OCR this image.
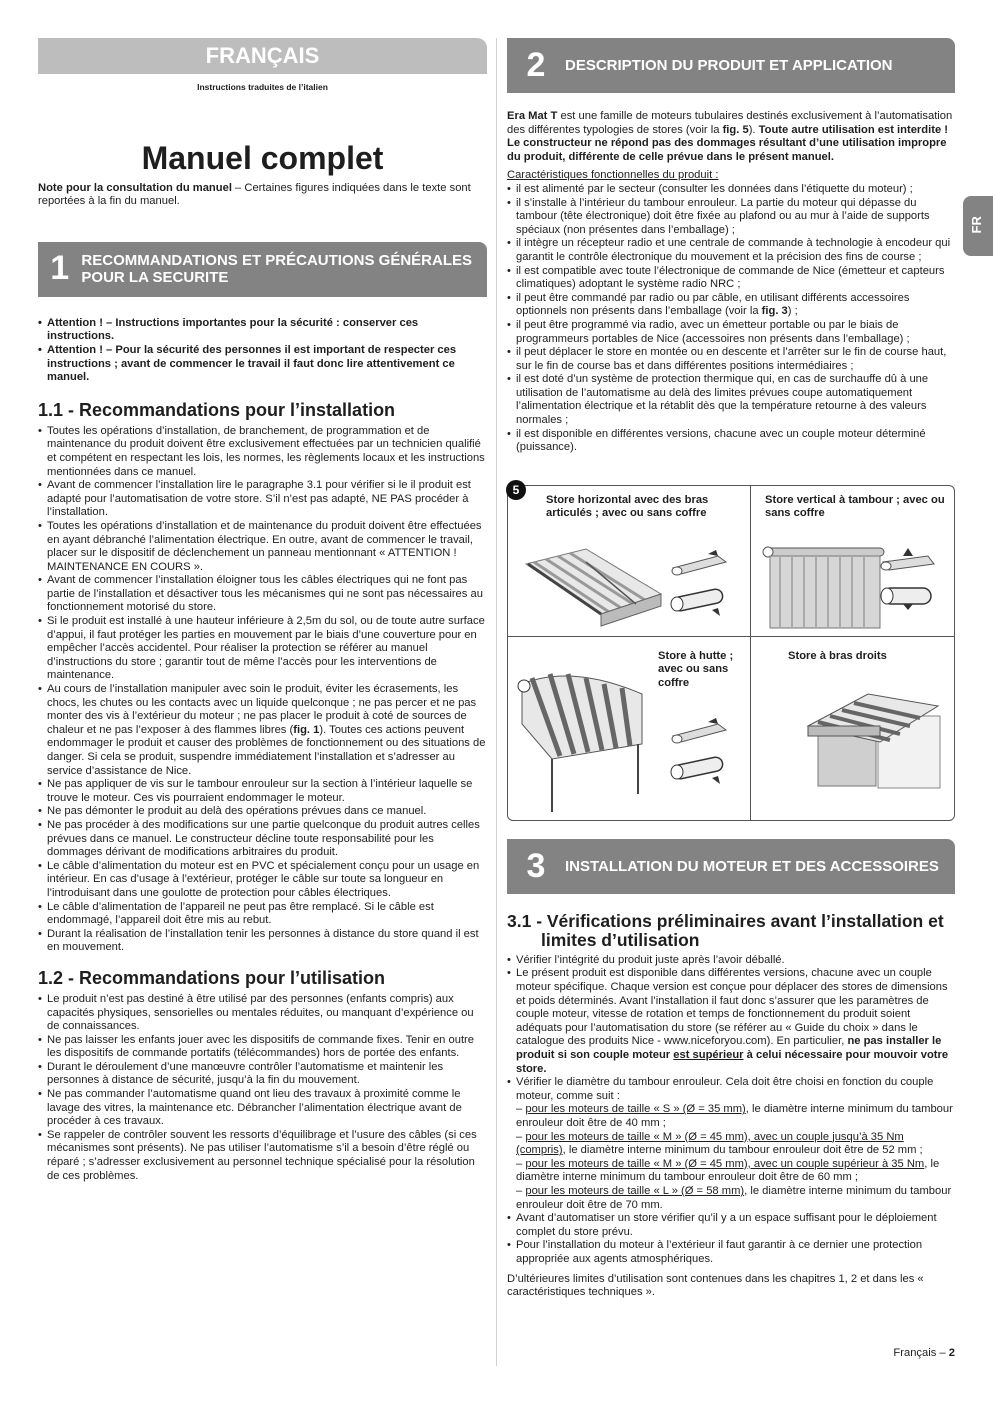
FRANÇAIS
Instructions traduites de l’italien
Manuel complet

Note pour la consultation du manuel – Certaines figures indiquées dans le texte sont reportées à la fin du manuel.

1 RECOMMANDATIONS ET PRÉCAUTIONS GÉNÉRALES POUR LA SECURITE
• Attention ! – Instructions importantes pour la sécurité : conserver ces instructions.
• Attention ! – Pour la sécurité des personnes il est important de respecter ces instructions ; avant de commencer le travail il faut donc lire attentivement ce manuel.
1.1 - Recommandations pour l’installation
• Toutes les opérations d’installation, de branchement, de programmation et de maintenance du produit doivent être exclusivement effectuées par un technicien qualifié et compétent en respectant les lois, les normes, les règlements locaux et les instructions mentionnées dans ce manuel.
• Avant de commencer l’installation lire le paragraphe 3.1 pour vérifier si le il produit est adapté pour l’automatisation de votre store. S’il n’est pas adapté, NE PAS procéder à l’installation.
• Toutes les opérations d’installation et de maintenance du produit doivent être effectuées en ayant débranché l’alimentation électrique. En outre, avant de commencer le travail, placer sur le dispositif de déclenchement un panneau mentionnant « ATTENTION ! MAINTENANCE EN COURS ».
• Avant de commencer l’installation éloigner tous les câbles électriques qui ne font pas partie de l’installation et désactiver tous les mécanismes qui ne sont pas nécessaires au fonctionnement motorisé du store.
• Si le produit est installé à une hauteur inférieure à 2,5m du sol, ou de toute autre surface d’appui, il faut protéger les parties en mouvement par le biais d’une couverture pour en empêcher l’accès accidentel. Pour réaliser la protection se référer au manuel d’instructions du store ; garantir tout de même l’accès pour les interventions de maintenance.
• Au cours de l’installation manipuler avec soin le produit, éviter les écrasements, les chocs, les chutes ou les contacts avec un liquide quelconque ; ne pas percer et ne pas monter des vis à l’extérieur du moteur ; ne pas placer le produit à coté de sources de chaleur et ne pas l’exposer à des flammes libres (fig. 1). Toutes ces actions peuvent endommager le produit et causer des problèmes de fonctionnement ou des situations de danger. Si cela se produit, suspendre immédiatement l’installation et s’adresser au service d’assistance de Nice.
• Ne pas appliquer de vis sur le tambour enrouleur sur la section à l’intérieur laquelle se trouve le moteur. Ces vis pourraient endommager le moteur.
• Ne pas démonter le produit au delà des opérations prévues dans ce manuel.
• Ne pas procéder à des modifications sur une partie quelconque du produit autres celles prévues dans ce manuel. Le constructeur décline toute responsabilité pour les dommages dérivant de modifications arbitraires du produit.
• Le câble d’alimentation du moteur est en PVC et spécialement conçu pour un usage en intérieur. En cas d’usage à l’extérieur, protéger le câble sur toute sa longueur en l’introduisant dans une goulotte de protection pour câbles électriques.
• Le câble d’alimentation de l’appareil ne peut pas être remplacé. Si le câble est endommagé, l’appareil doit être mis au rebut.
• Durant la réalisation de l’installation tenir les personnes à distance du store quand il est en mouvement.
1.2 - Recommandations pour l’utilisation
• Le produit n’est pas destiné à être utilisé par des personnes (enfants compris) aux capacités physiques, sensorielles ou mentales réduites, ou manquant d’expérience ou de connaissances.
• Ne pas laisser les enfants jouer avec les dispositifs de commande fixes. Tenir en outre les dispositifs de commande portatifs (télécommandes) hors de portée des enfants.
• Durant le déroulement d’une manœuvre contrôler l’automatisme et maintenir les personnes à distance de sécurité, jusqu’à la fin du mouvement.
• Ne pas commander l’automatisme quand ont lieu des travaux à proximité comme le lavage des vitres, la maintenance etc. Débrancher l’alimentation électrique avant de procéder à ces travaux.
• Se rappeler de contrôler souvent les ressorts d’équilibrage et l’usure des câbles (si ces mécanismes sont présents). Ne pas utiliser l’automatisme s’il a besoin d’être réglé ou réparé ; s’adresser exclusivement au personnel technique spécialisé pour la résolution de ces problèmes.
2	DESCRIPTION DU PRODUIT ET APPLICATION

Era Mat T est une famille de moteurs tubulaires destinés exclusivement à l’automatisation des différentes typologies de stores (voir la fig. 5). Toute autre utilisation est interdite ! Le constructeur ne répond pas des dommages résultant d’une utilisation impropre du produit, différente de celle prévue dans le présent manuel.

Caractéristiques fonctionnelles du produit :

• il est alimenté par le secteur (consulter les données dans l’étiquette du moteur) ;
• il s’installe à l’intérieur du tambour enrouleur. La partie du moteur qui dépasse du tambour (tête électronique) doit être fixée au plafond ou au mur à l’aide de supports spéciaux (non présentes dans l’emballage) ;
• il intègre un récepteur radio et une centrale de commande à technologie à encodeur qui garantit le contrôle électronique du mouvement et la précision des fins de course ;
• il est compatible avec toute l’électronique de commande de Nice (émetteur et capteurs climatiques) adoptant le système radio NRC ;
• il peut être commandé par radio ou par câble, en utilisant différents accessoires optionnels non présents dans l’emballage (voir la fig. 3) ;
• il peut être programmé via radio, avec un émetteur portable ou par le biais de programmeurs portables de Nice (accessoires non présents dans l’emballage) ;
• il peut déplacer le store en montée ou en descente et l’arrêter sur le fin de course haut, sur le fin de course bas et dans différentes positions intermédiaires ;
• il est doté d’un système de protection thermique qui, en cas de surchauffe dû à une utilisation de l’automatisme au delà des limites prévues coupe automatiquement l’alimentation électrique et la rétablit dès que la température retourne à des valeurs normales ;
• il est disponible en différentes versions, chacune avec un couple moteur déterminé (puissance).
5
Store horizontal avec des bras articulés ; avec ou sans coffre
Store vertical à tambour ; avec ou sans coffre
Store à hutte ; avec ou sans coffre
Store à bras droits
3	INSTALLATION DU MOTEUR ET DES ACCESSOIRES
3.1 - Vérifications préliminaires avant l’installation et limites d’utilisation
• Vérifier l’intégrité du produit juste après l’avoir déballé.
• Le présent produit est disponible dans différentes versions, chacune avec un couple moteur spécifique. Chaque version est conçue pour déplacer des stores de dimensions et poids déterminés. Avant l’installation il faut donc s’assurer que les paramètres de couple moteur, vitesse de rotation et temps de fonctionnement du produit soient adéquats pour l’automatisation du store (se référer au « Guide du choix » dans le catalogue des produits Nice - www.niceforyou.com). En particulier, ne pas installer le produit si son couple moteur est supérieur à celui nécessaire pour mouvoir votre store.
• Vérifier le diamètre du tambour enrouleur. Cela doit être choisi en fonction du couple moteur, comme suit :
– pour les moteurs de taille « S » (Ø = 35 mm), le diamètre interne minimum du tambour enrouleur doit être de 40 mm ;
– pour les moteurs de taille « M » (Ø = 45 mm), avec un couple jusqu’à 35 Nm (compris), le diamètre interne minimum du tambour enrouleur doit être de 52 mm ;
– pour les moteurs de taille « M » (Ø = 45 mm), avec un couple supérieur à 35 Nm, le diamètre interne minimum du tambour enrouleur doit être de 60 mm ;
– pour les moteurs de taille « L » (Ø = 58 mm), le diamètre interne minimum du tambour enrouleur doit être de 70 mm.
• Avant d’automatiser un store vérifier qu’il y a un espace suffisant pour le déploiement complet du store prévu.
• Pour l’installation du moteur à l’extérieur il faut garantir à ce dernier une protection appropriée aux agents atmosphériques.

D’ultérieures limites d’utilisation sont contenues dans les chapitres 1, 2 et dans les « caractéristiques techniques ».

FR
Français – 2
